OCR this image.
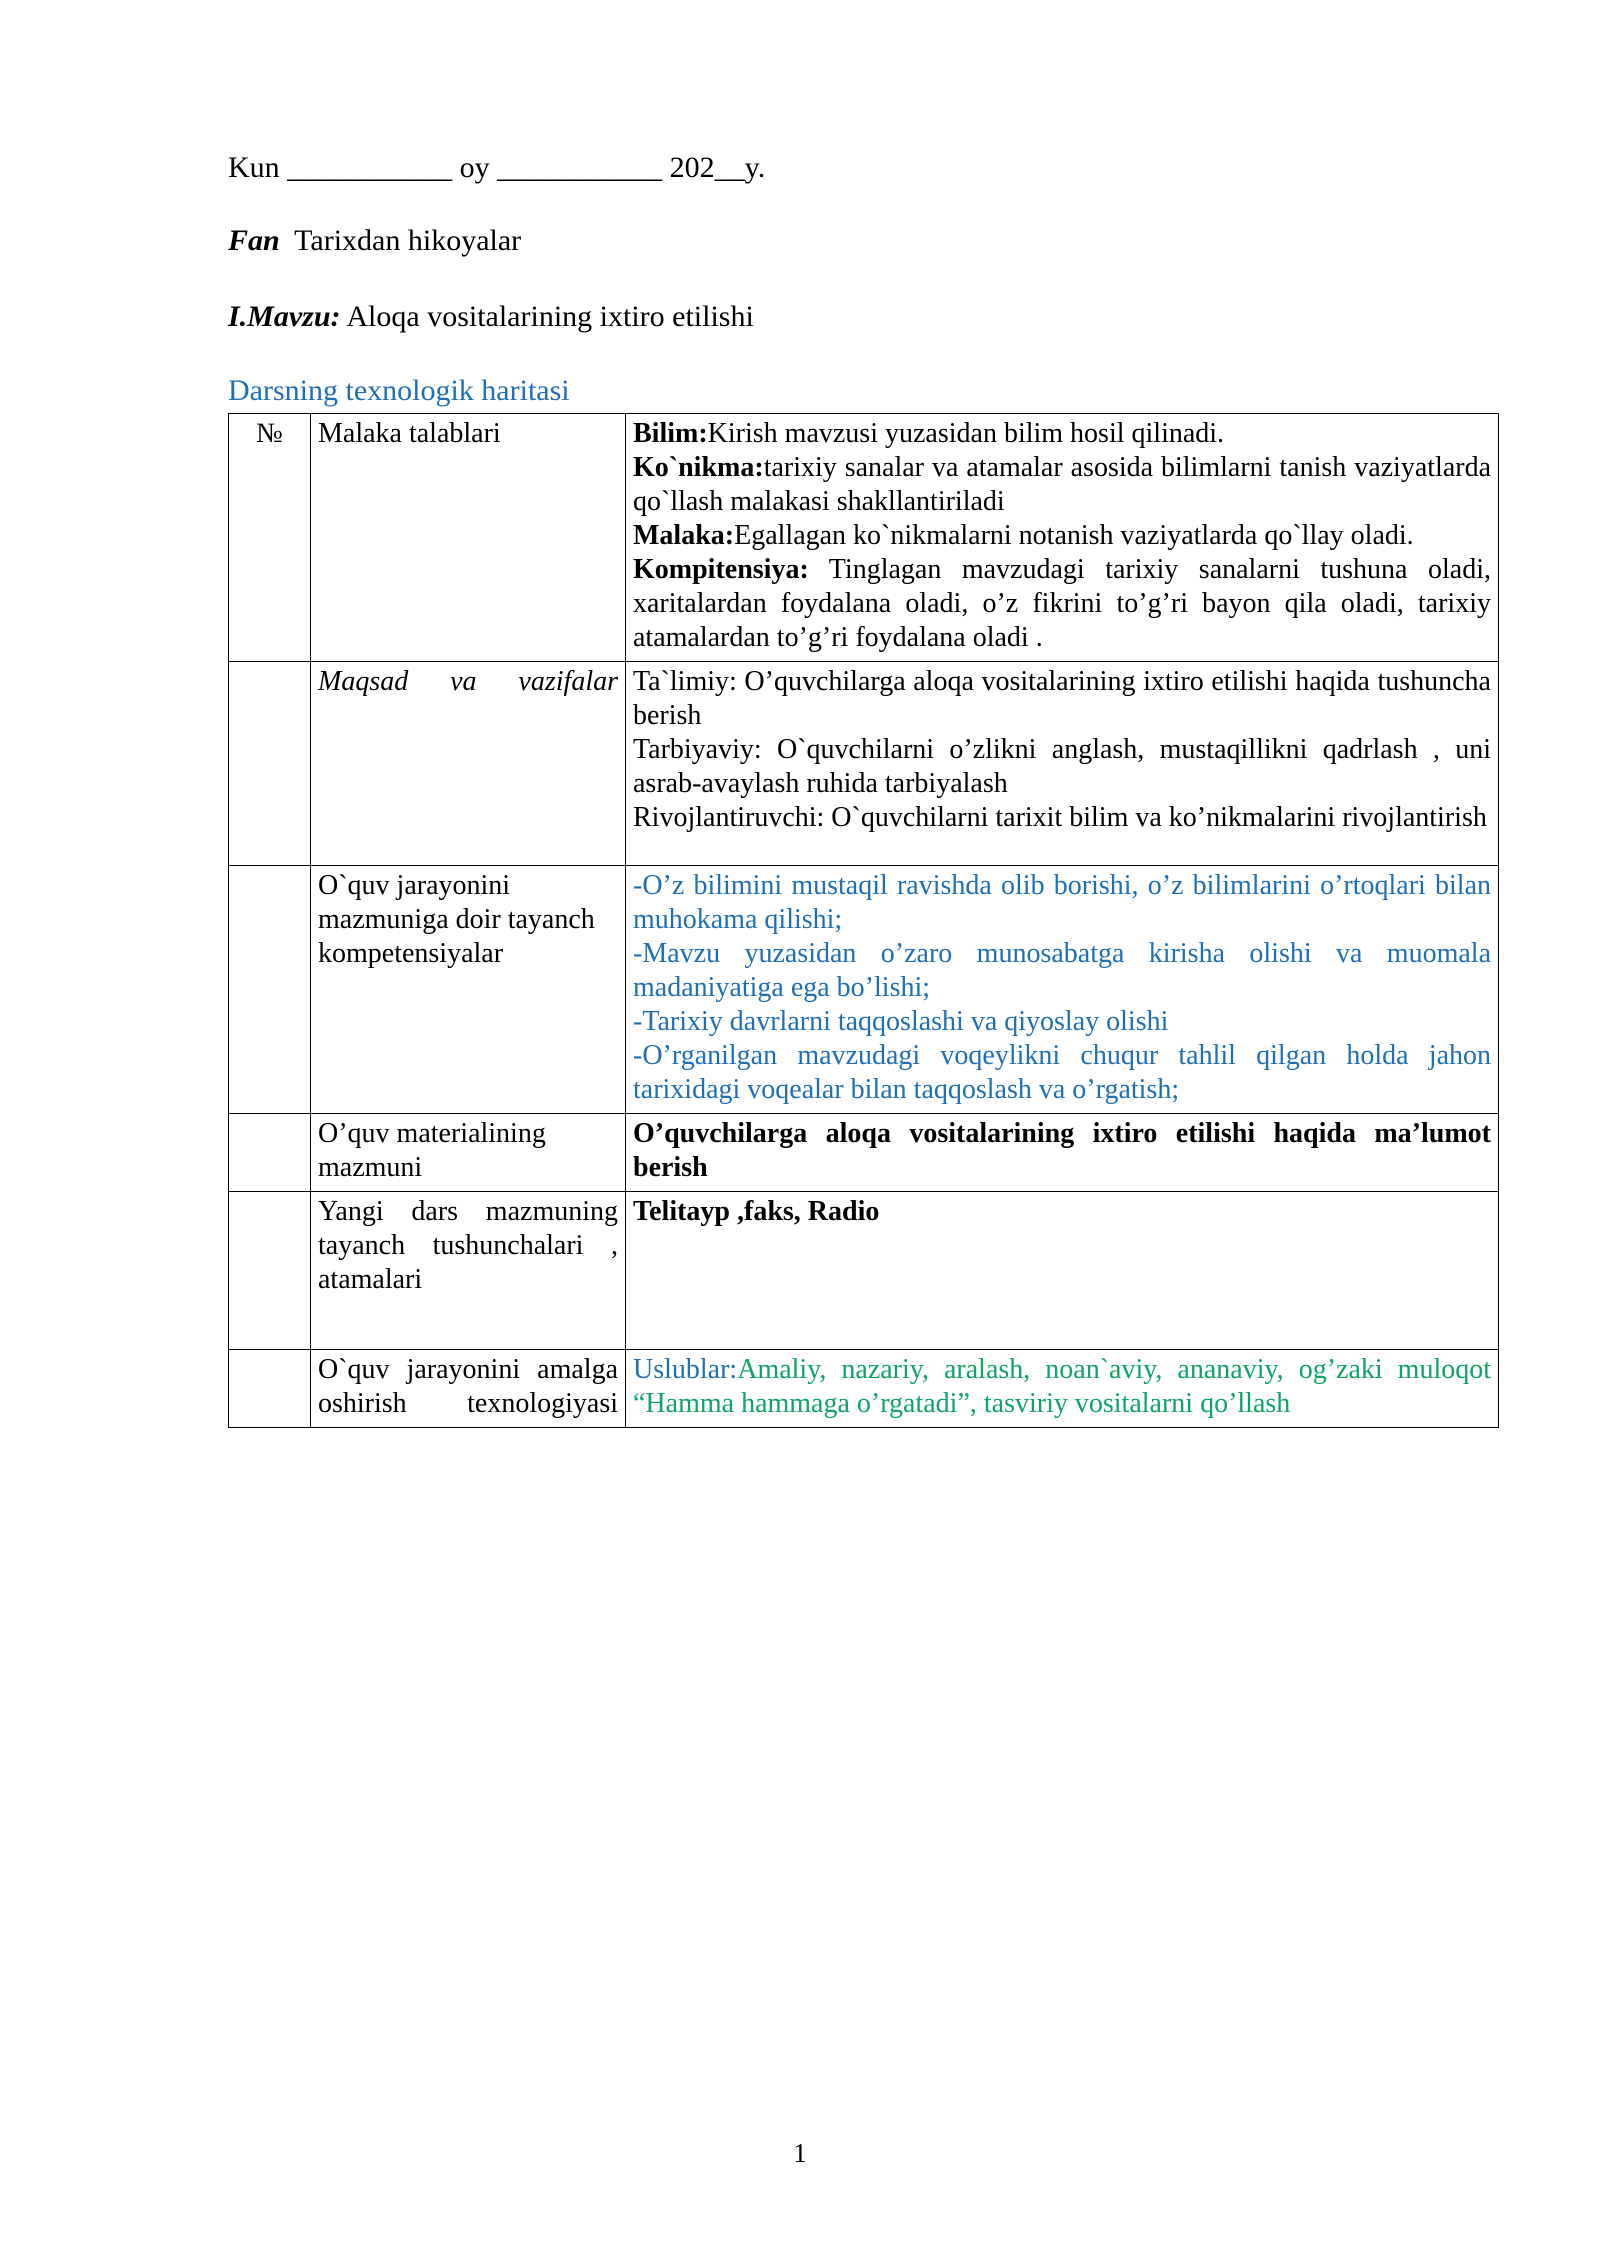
Kun ___________ oy ___________ 202__y.

Fan Tarixdan hikoyalar

I.Mavzu: Aloqa vositalarining ixtiro etilishi

Darsning texnologik haritasi

№	Malaka talablari	Bilim:Kirish mavzusi yuzasidan bilim hosil qilinadi.

Ko`nikma:tarixiy sanalar va atamalar asosida bilimlarni tanish vaziyatlarda qo`llash malakasi shakllantiriladi

Malaka:Egallagan ko`nikmalarni notanish vaziyatlarda qo`llay oladi.

Kompitensiya: Tinglagan mavzudagi tarixiy sanalarni tushuna oladi, xaritalardan foydalana oladi, o’z fikrini to’g’ri bayon qila oladi, tarixiy atamalardan to’g’ri foydalana oladi .

	Maqsad va vazifalar	Ta`limiy: O’quvchilarga aloqa vositalarining ixtiro etilishi haqida tushuncha berish

Tarbiyaviy: O`quvchilarni o’zlikni anglash, mustaqillikni qadrlash , uni asrab-avaylash ruhida tarbiyalash

Rivojlantiruvchi: O`quvchilarni tarixit bilim va ko’nikmalarini rivojlantirish

	O`quv jarayonini mazmuniga doir tayanch kompetensiyalar	-O’z bilimini mustaqil ravishda olib borishi, o’z bilimlarini o’rtoqlari bilan muhokama qilishi;

-Mavzu yuzasidan o’zaro munosabatga kirisha olishi va muomala madaniyatiga ega bo’lishi;

-Tarixiy davrlarni taqqoslashi va qiyoslay olishi

-O’rganilgan mavzudagi voqeylikni chuqur tahlil qilgan holda jahon tarixidagi voqealar bilan taqqoslash va o’rgatish;

	O’quv materialining mazmuni	O’quvchilarga aloqa vositalarining ixtiro etilishi haqida ma’lumot berish

	Yangi dars mazmuning tayanch tushunchalari , atamalari	Telitayp ,faks, Radio

	O`quv jarayonini amalga oshirish texnologiyasi	Uslublar:Amaliy, nazariy, aralash, noan`aviy, ananaviy, og’zaki muloqot “Hamma hammaga o’rgatadi”, tasviriy vositalarni qo’llash

1
